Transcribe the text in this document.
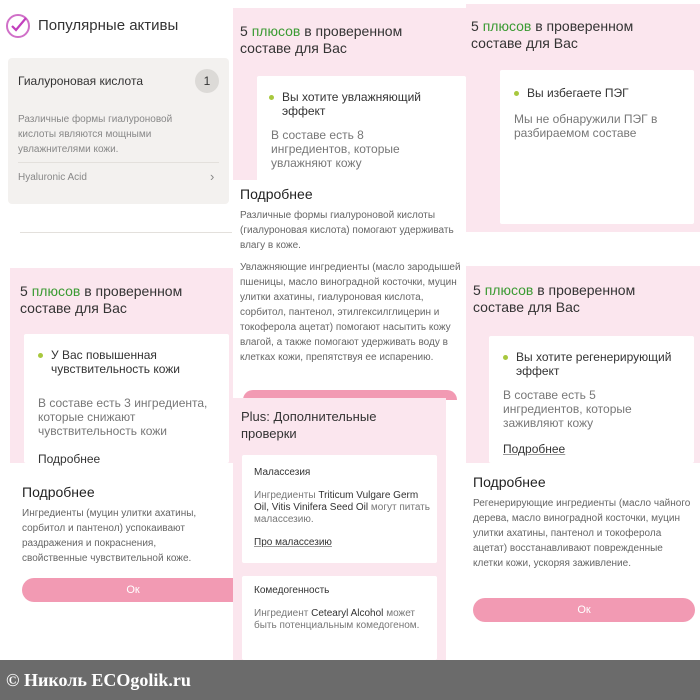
Популярные активы
Гиалуроновая кислота	1
Различные формы гиалуроновой кислоты являются мощными увлажнителями кожи.
Hyaluronic Acid	›
5 плюсов в проверенном составе для Вас
Вы хотите увлажняющий эффект
В составе есть 8 ингредиентов, которые увлажняют кожу
Подробнее
Различные формы гиалуроновой кислоты (гиалуроновая кислота) помогают удерживать влагу в коже.
Увлажняющие ингредиенты (масло зародышей пшеницы, масло виноградной косточки, муцин улитки ахатины, гиалуроновая кислота, сорбитол, пантенол, этилгексилглицерин и токоферола ацетат) помогают насытить кожу влагой, а также помогают удерживать воду в клетках кожи, препятствуя ее испарению.
5 плюсов в проверенном составе для Вас
Вы избегаете ПЭГ
Мы не обнаружили ПЭГ в разбираемом составе
5 плюсов в проверенном составе для Вас
У Вас повышенная чувствительность кожи
В составе есть 3 ингредиента, которые снижают чувствительность кожи
Подробнее
Подробнее
Ингредиенты (муцин улитки ахатины, сорбитол и пантенол) успокаивают раздражения и покраснения, свойственные чувствительной коже.
Ок
Plus: Дополнительные проверки
Малассезия
Ингредиенты Triticum Vulgare Germ Oil, Vitis Vinifera Seed Oil могут питать малассезию.
Про малассезию
Комедогенность
Ингредиент Cetearyl Alcohol может быть потенциальным комедогеном.
5 плюсов в проверенном составе для Вас
Вы хотите регенерирующий эффект
В составе есть 5 ингредиентов, которые заживляют кожу
Подробнее
Подробнее
Регенерирующие ингредиенты (масло чайного дерева, масло виноградной косточки, муцин улитки ахатины, пантенол и токоферола ацетат) восстанавливают поврежденные клетки кожи, ускоряя заживление.
Ок
© Николь ECOgolik.ru
